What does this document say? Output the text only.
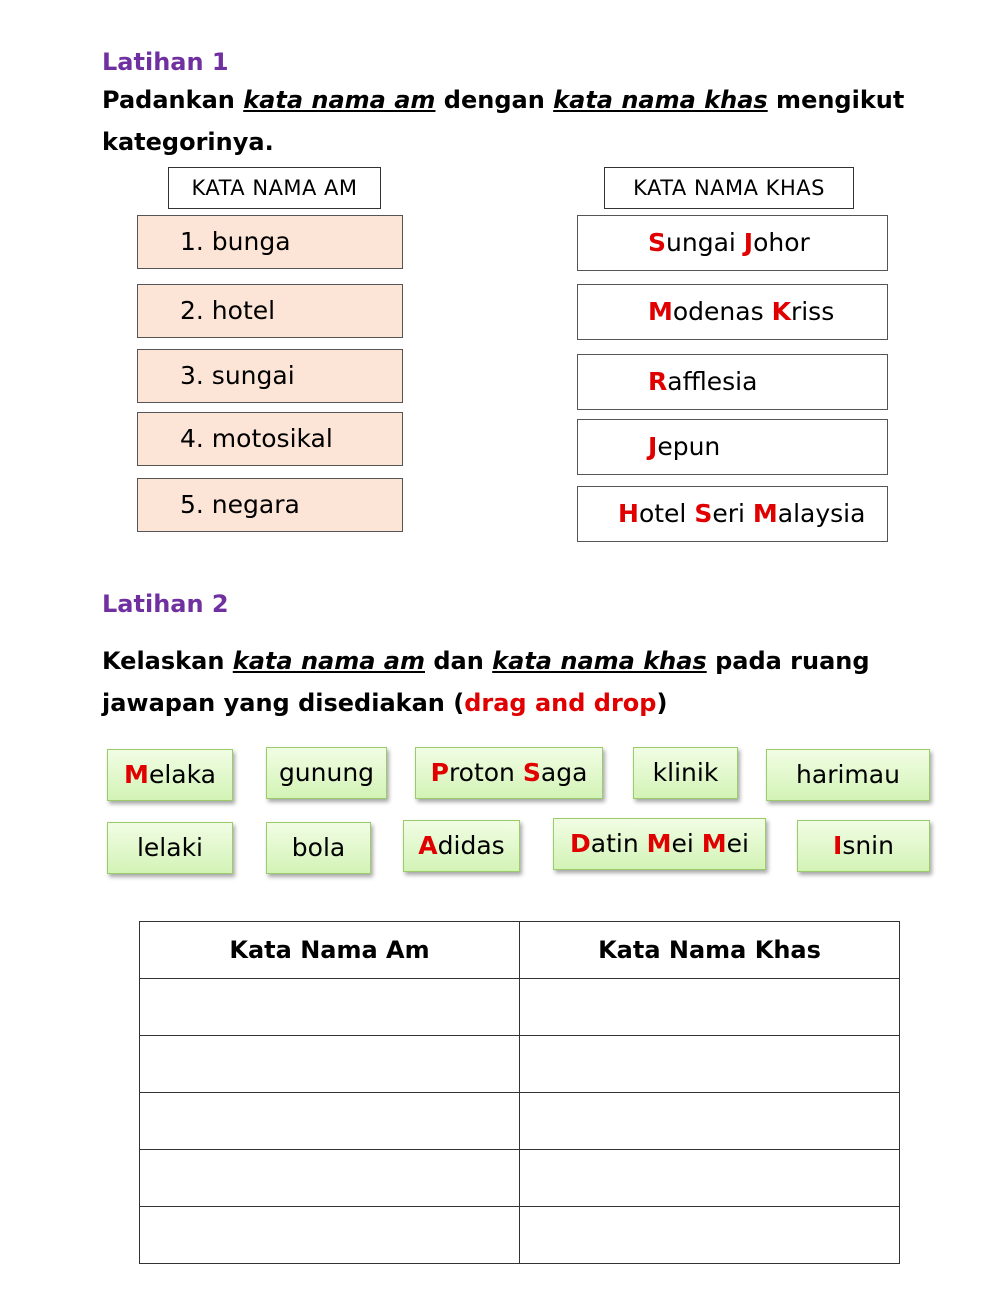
Latihan 1
Padankan kata nama am dengan kata nama khas mengikut
kategorinya.
KATA NAMA AM	KATA NAMA KHAS
1. bunga
2. hotel
3. sungai
4. motosikal
5. negara
Sungai Johor
Modenas Kriss
Rafflesia
Jepun
Hotel Seri Malaysia
Latihan 2
Kelaskan kata nama am dan kata nama khas pada ruang
jawapan yang disediakan (drag and drop)
Melaka	gunung	Proton Saga	klinik	harimau
lelaki	bola	Adidas	Datin Mei Mei	Isnin
Kata Nama Am	Kata Nama Khas
